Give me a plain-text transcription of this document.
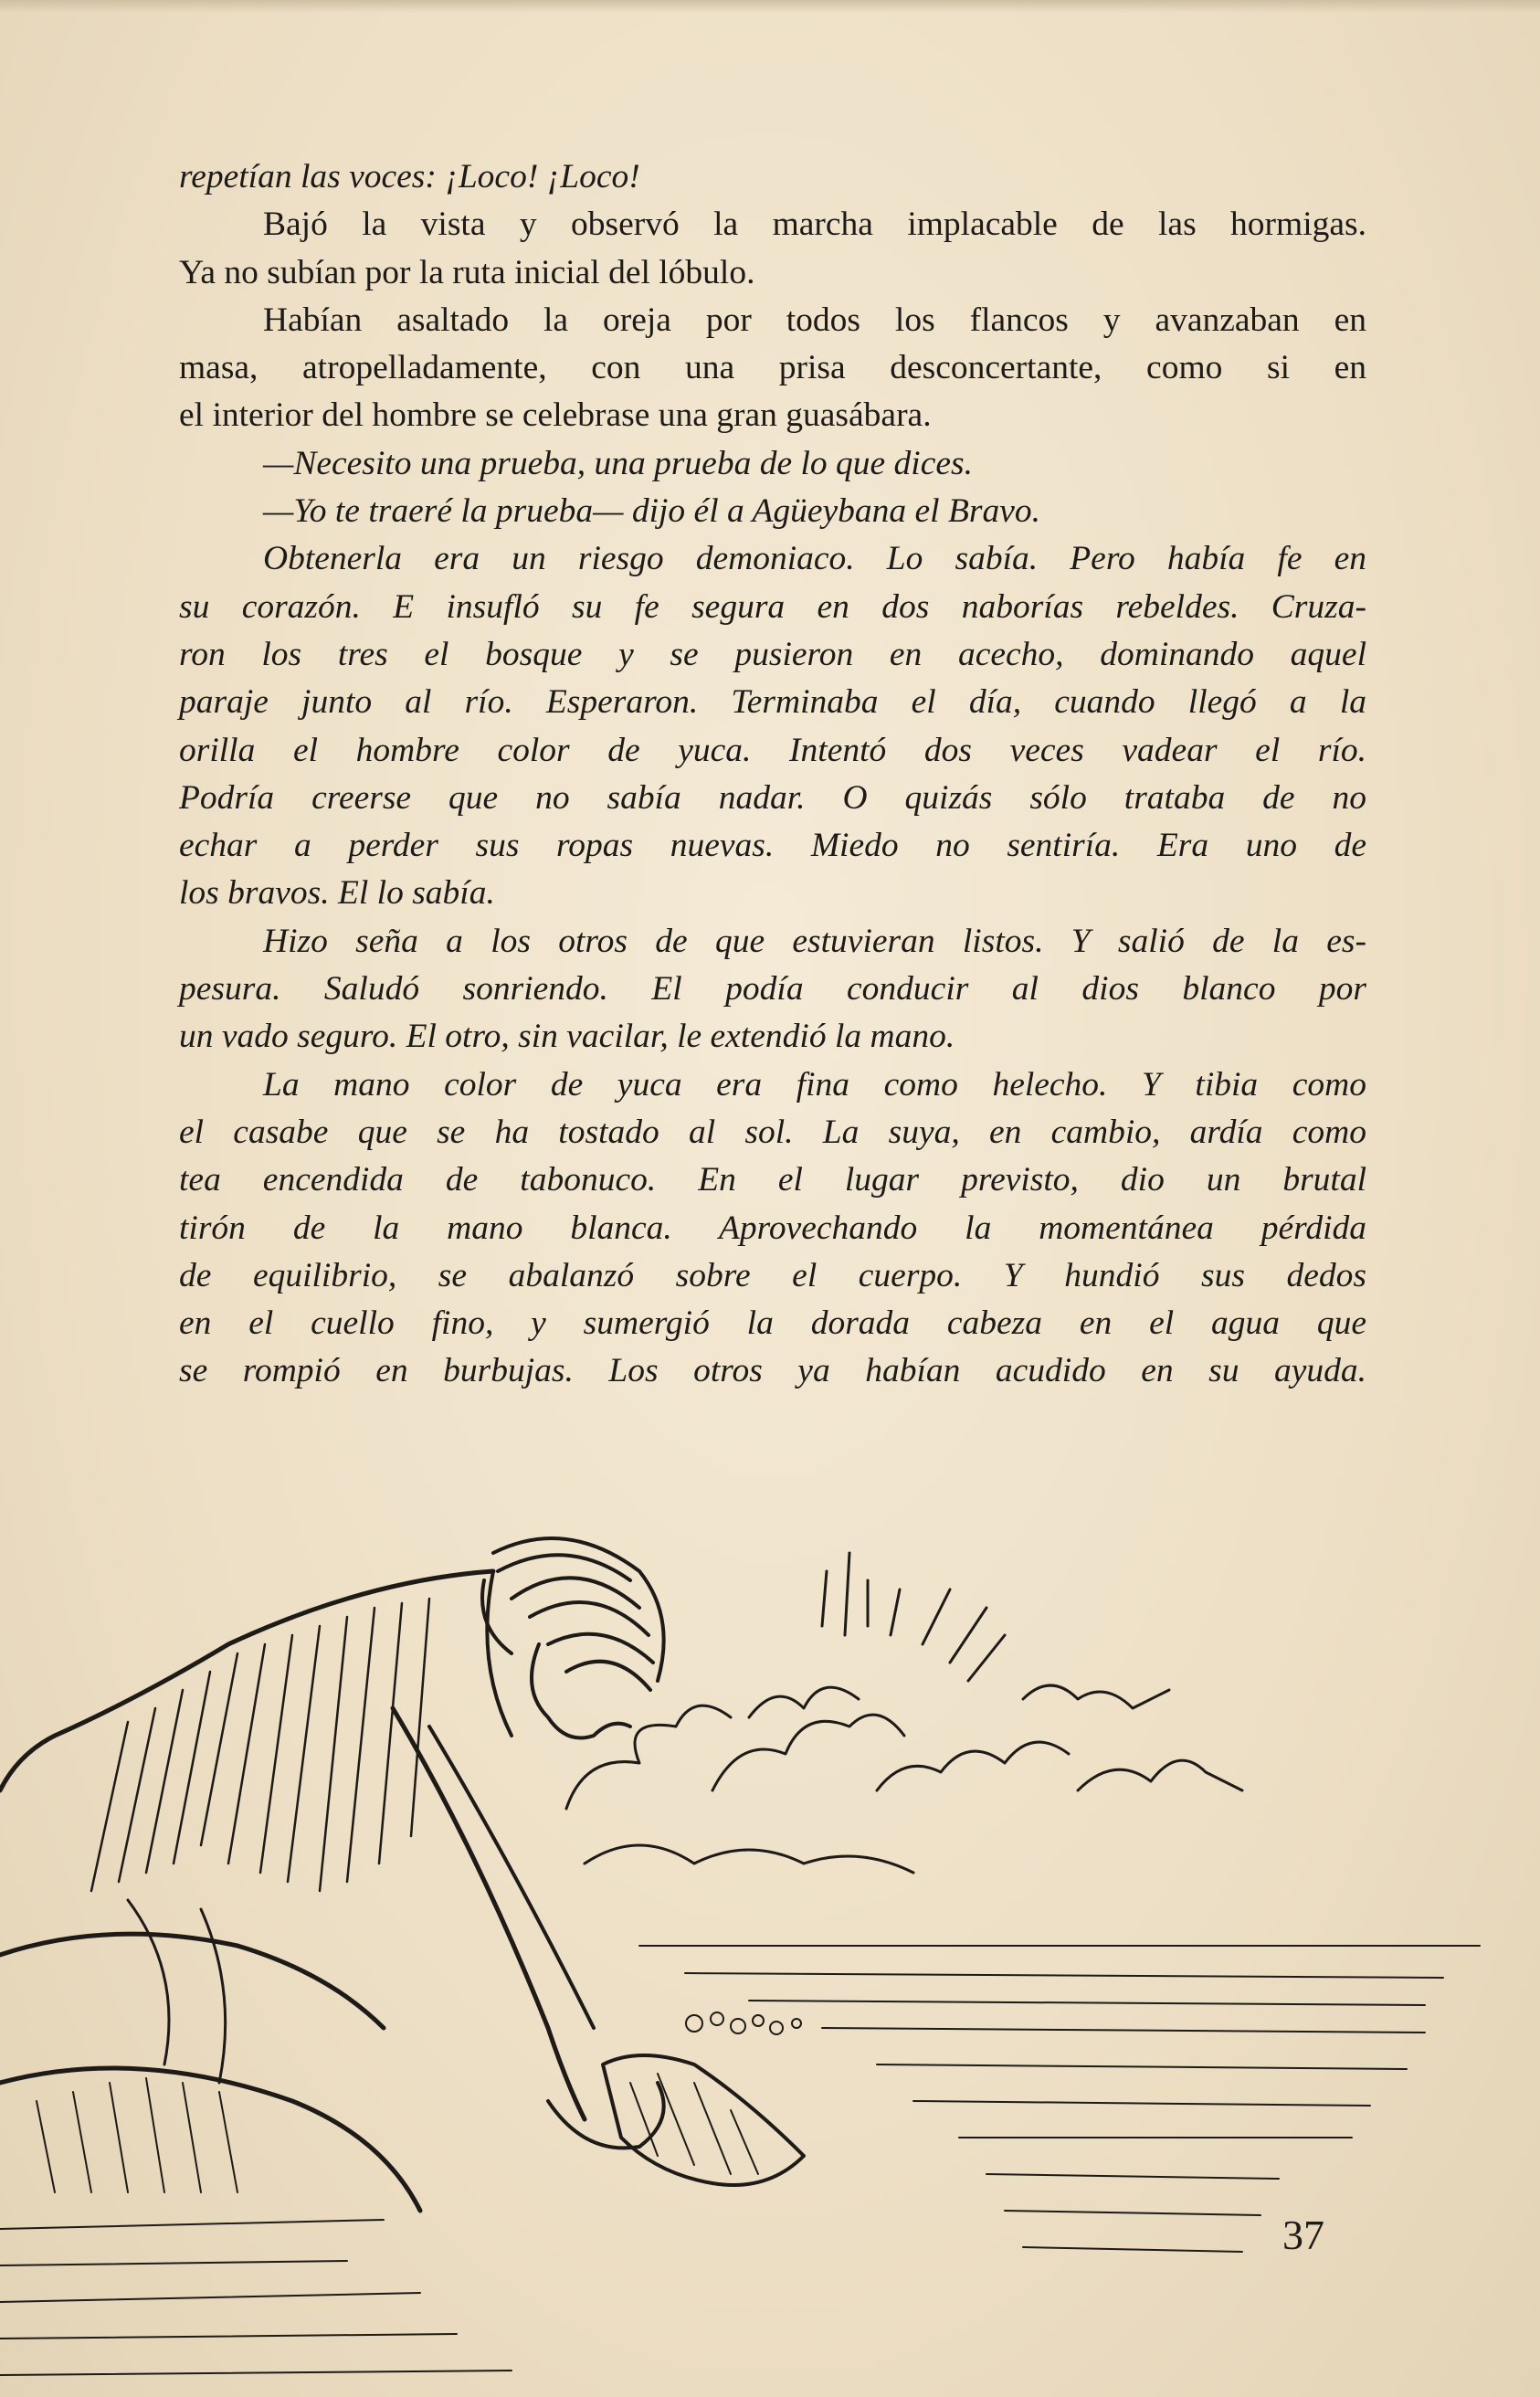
repetían las voces: ¡Loco! ¡Loco!
Bajó la vista y observó la marcha implacable de las hormigas.
Ya no subían por la ruta inicial del lóbulo.
Habían asaltado la oreja por todos los flancos y avanzaban en
masa, atropelladamente, con una prisa desconcertante, como si en
el interior del hombre se celebrase una gran guasábara.
—Necesito una prueba, una prueba de lo que dices.
—Yo te traeré la prueba— dijo él a Agüeybana el Bravo.
Obtenerla era un riesgo demoniaco. Lo sabía. Pero había fe en
su corazón. E insufló su fe segura en dos naborías rebeldes. Cruza-
ron los tres el bosque y se pusieron en acecho, dominando aquel
paraje junto al río. Esperaron. Terminaba el día, cuando llegó a la
orilla el hombre color de yuca. Intentó dos veces vadear el río.
Podría creerse que no sabía nadar. O quizás sólo trataba de no
echar a perder sus ropas nuevas. Miedo no sentiría. Era uno de
los bravos. El lo sabía.
Hizo seña a los otros de que estuvieran listos. Y salió de la es-
pesura. Saludó sonriendo. El podía conducir al dios blanco por
un vado seguro. El otro, sin vacilar, le extendió la mano.
La mano color de yuca era fina como helecho. Y tibia como
el casabe que se ha tostado al sol. La suya, en cambio, ardía como
tea encendida de tabonuco. En el lugar previsto, dio un brutal
tirón de la mano blanca. Aprovechando la momentánea pérdida
de equilibrio, se abalanzó sobre el cuerpo. Y hundió sus dedos
en el cuello fino, y sumergió la dorada cabeza en el agua que
se rompió en burbujas. Los otros ya habían acudido en su ayuda.
37
